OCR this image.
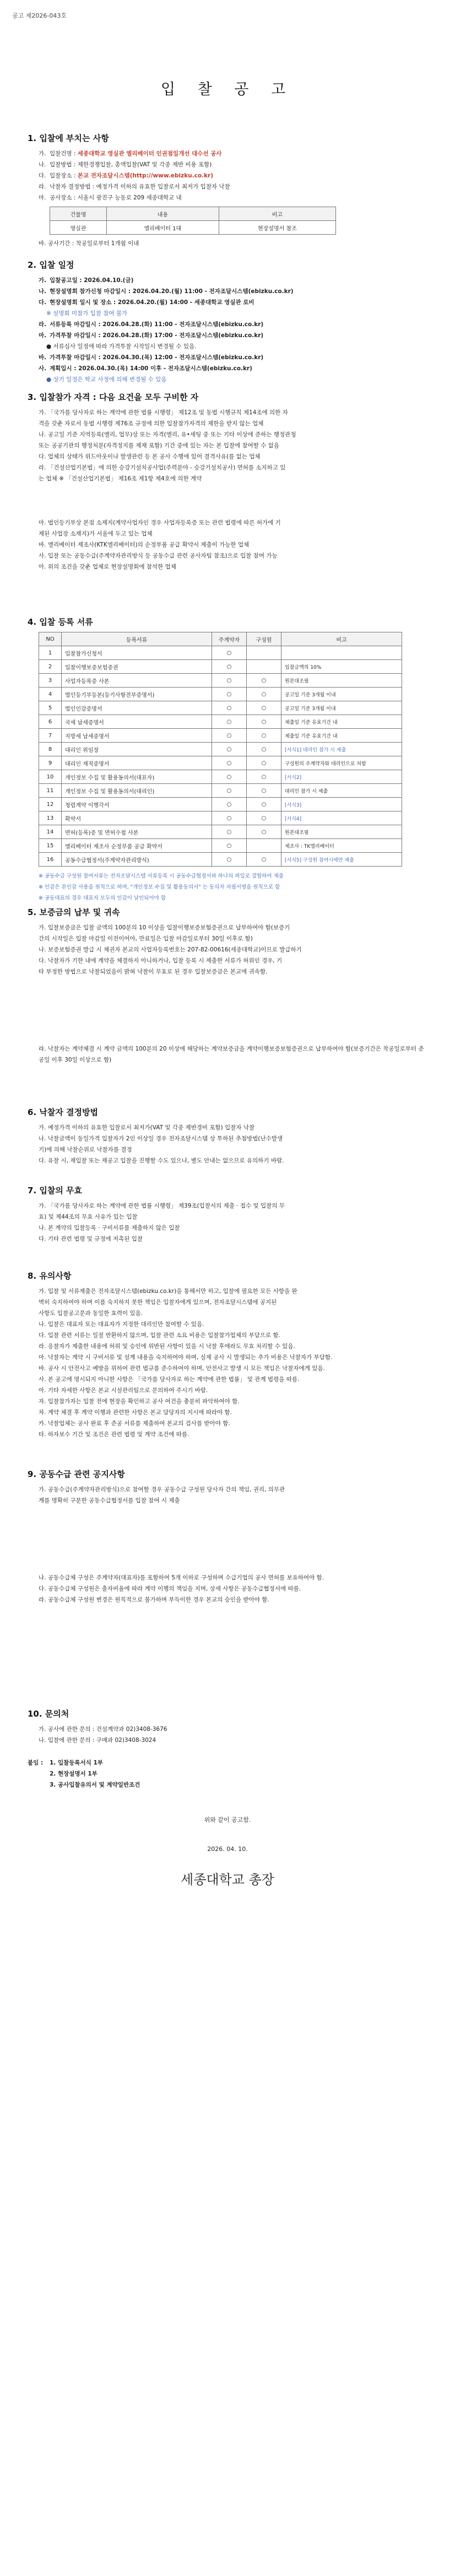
공고 제2026-043호
입 찰 공 고
1. 입찰에 부치는 사항
가. 입찰건명 : 세종대학교 영실관 엘리베이터 인권점일개선 대수선 공사
나. 입찰방법 : 제한경쟁입찰, 총액입찰(VAT 및 각종 제반 비용 포함)
다. 입찰장소 : 본교 전자조달시스템(http://www.ebizku.co.kr)
라. 낙찰자 결정방법 : 예정가격 이하의 유효한 입찰로서 최저가 입찰자 낙찰
마. 공사장소 : 서울시 광진구 능동로 209 세종대학교 내
건물명	내용	비고
영실관	엘리베이터 1대	현장설명서 참조
바. 공사기간 : 착공일로부터 1개월 이내
2. 입찰 일정
가. 입찰공고일 : 2026.04.10.(금)
나. 현장설명회 참가신청 마감일시 : 2026.04.20.(월) 11:00 - 전자조달시스템(ebizku.co.kr)
다. 현장설명회 일시 및 장소 : 2026.04.20.(월) 14:00 - 세종대학교 영실관 로비
※ 설명회 미참가 입찰 참여 불가
라. 서류등록 마감일시 : 2026.04.28.(화) 11:00 - 전자조달시스템(ebizku.co.kr)
마. 가격투찰 마감일시 : 2026.04.28.(화) 17:00 - 전자조달시스템(ebizku.co.kr)
● 서류심사 일정에 따라 가격투찰 시작일시 변경될 수 있음.
바. 가격투찰 마감일시 : 2026.04.30.(목) 12:00 - 전자조달시스템(ebizku.co.kr)
사. 계획입시 : 2026.04.30.(목) 14:00 이후 - 전자조달시스템(ebizku.co.kr)
● 상기 일정은 학교 사정에 의해 변경될 수 있음
3. 입찰참가 자격 : 다음 요건을 모두 구비한 자
가. 「국가를 당사자로 하는 계약에 관한 법률 시행령」 제12조 및 동법 시행규칙 제14조에 의한 자
격을 갖춘 자로서 동법 시행령 제76조 규정에 의한 입찰참가자격의 제한을 받지 않는 업체
나. 공고일 기준 지역등록(엘리, 업무)상 또는 자격(엘리, 유•세팅 중 또는 기타 이상에 준하는 행정관청
또는 공공기관의 행정처분(자격정지를 제재 포함) 기간 중에 있는 자는 본 입찰에 참여할 수 없음
다. 업체의 상태가 위드아웃이나 발생관련 등 본 공사 수행에 있어 결격사유(를 없는 업체
라. 「건설산업기본법」에 의한 승강기설치공사업(주력분야 - 승강기설치공사) 면허를 소지하고 있
는 업체 ※ 「건설산업기본법」 제16조 제1항 제4호에 의한 계약
마. 법인등기부상 본점 소재지(계약사업자인 경우 사업자등록증 또는 관련 법령에 따른 허가에 기
재된 사업장 소재지)가 서울에 두고 있는 업체
바. 엘리베이터 제조사(KTK엘리베이터)의 순정부품 공급 확약서 제출이 가능한 업체
사. 입찰 또는 공동수급(주계약자관리방식 등 공동수급 관련 공사자팀 참조)으로 입찰 참여 가능
아. 위의 조건을 갖춘 업체로 현장설명회에 참석한 업체
4. 입찰 등록 서류
NO	등록서류	주계약자	구성원	비고
1	입찰참가신청서	○		
2	입찰이행보증보험증권	○		입찰금액의 10%
3	사업자등록증 사본	○	○	원본대조필
4	법인등기부등본(등기사항전부증명서)	○	○	공고일 기준 3개월 이내
5	법인인감증명서	○	○	공고일 기준 3개월 이내
6	국세 납세증명서	○	○	제출일 기준 유효기간 내
7	지방세 납세증명서	○	○	제출일 기준 유효기간 내
8	대리인 위임장	○	○	[서식1] 대리인 참가 시 제출
9	대리인 재직증명서	○	○	구성원의 주계약자와 대리인으로 처함
10	개인정보 수집 및 활용동의서(대표자)	○	○	[서식2]
11	개인정보 수집 및 활용동의서(대리인)	○	○	대리인 참가 시 제출
12	청렴계약 이행각서	○	○	[서식3]
13	확약서	○	○	[서식4]
14	면허(등록)증 및 면허수첩 사본	○	○	원본대조필
15	엘리베이터 제조사 순정부품 공급 확약서	○		제조사 : TK엘리베이터
16	공동수급협정서(주계약자관리방식)	○	○	[서식5] 구성원 참여시에만 제출
※ 공동수급 구성원 참여서류는 전자조달시스템 서류등록 시 공동수급협정서와 하나의 파일로 결합하여 제출
※ 인감은 본인감 사용을 원칙으로 하며, "개인정보 수집 및 활용동의서" 는 동의자 자필서명을 원칙으로 함
※ 공동대표의 경우 대표자 모두의 인감이 날인되어야 함
5. 보증금의 납부 및 귀속
가. 입찰보증금은 입찰 금액의 100분의 10 이상을 입찰이행보증보험증권으로 납부하여야 함(보증기
간의 시작일은 입찰 마감일 이전이어야, 만료일은 입찰 마감일로부터 30일 이후로 함)
나. 보증보험증권 발급 시 채권자 본교의 사업자등록번호는 207-82-00616(세종대학교)이므로 발급하기
다. 낙찰자가 기한 내에 계약을 체결하지 아니하거나, 입찰 등록 시 제출한 서류가 허위인 경우, 기
타 부정한 방법으로 낙찰되었음이 밝혀 낙찰이 무효로 된 경우 입찰보증금은 본교에 귀속함.
라. 낙찰자는 계약체결 시 계약 금액의 100분의 20 이상에 해당하는 계약보증금을 계약이행보증보험증권으로 납부하여야 함(보증기간은 착공일로부터 준공일 이후 30일 이상으로 함)
6. 낙찰자 결정방법
가. 예정가격 이하의 유효한 입찰로서 최저가(VAT 및 각종 제반경비 포함) 입찰자 낙찰
나. 낙찰금액이 동일가격 입찰자가 2인 이상일 경우 전자조달시스템 상 투하된 추첨방법(난수발생
기)에 의해 낙찰순위로 낙찰자를 결정
다. 유찰 시, 재입찰 또는 재공고 입찰을 진행할 수도 있으나, 별도 안내는 없으므로 유의하기 바람.
7. 입찰의 무효
가. 「국가를 당사자로 하는 계약에 관한 법률 시행령」 제39조(입찰서의 제출 · 접수 및 입찰의 무
효) 및 제44조의 무효 사유가 있는 입찰
나. 본 계약의 입찰등록 · 구비서류를 제출하지 않은 입찰
다. 기타 관련 법령 및 규정에 저촉된 입찰
8. 유의사항
가. 입찰 및 서류제출은 전자조달시스템(ebizku.co.kr)을 통해서만 하고, 입찰에 필요한 모든 사항을 완
벽히 숙지하여야 하며 이를 숙지하지 못한 책임은 입찰자에게 있으며, 전자조달시스템에 공지된
사항도 입찰공고문과 동일한 효력이 있음.
나. 입찰은 대표자 또는 대표자가 지정한 대리인만 참여할 수 있음.
다. 입찰 관련 서류는 일절 반환하지 않으며, 입찰 관련 소요 비용은 입찰참가업체의 부담으로 함.
라. 응찰자가 제출한 내용에 허위 및 승인에 위반된 사항이 있을 시 낙찰 후에라도 무효 처리할 수 있음.
마. 낙찰자는 계약 시 구비서류 및 설계 내용을 숙지하여야 하며, 실제 공사 시 발생되는 추가 비용은 낙찰자가 부담함.
바. 공사 시 안전사고 예방을 위하여 관련 법규를 준수하여야 하며, 안전사고 발생 시 모든 책임은 낙찰자에게 있음.
사. 본 공고에 명시되지 아니한 사항은 「국가를 당사자로 하는 계약에 관한 법률」 및 관계 법령을 따름.
아. 기타 자세한 사항은 본교 시설관리팀으로 문의하여 주시기 바람.
자. 입찰참가자는 입찰 전에 현장을 확인하고 공사 여건을 충분히 파악하여야 함.
차. 계약 체결 후 계약 이행과 관련한 사항은 본교 담당자의 지시에 따라야 함.
카. 낙찰업체는 공사 완료 후 준공 서류를 제출하여 본교의 검사를 받아야 함.
타. 하자보수 기간 및 조건은 관련 법령 및 계약 조건에 따름.
9. 공동수급 관련 공지사항
가. 공동수급(주계약자관리방식)으로 참여할 경우 공동수급 구성원 당사자 간의 책임, 권리, 의무관
계를 명확히 구분한 공동수급협정서를 입찰 참여 시 제출
나. 공동수급체 구성은 주계약자(대표자)를 포함하여 5개 이하로 구성하며 수급기업의 공사 면허를 보유하여야 함.
다. 공동수급체 구성원은 출자비율에 따라 계약 이행의 책임을 지며, 상세 사항은 공동수급협정서에 따름.
라. 공동수급체 구성원 변경은 원칙적으로 불가하며 부득이한 경우 본교의 승인을 받아야 함.
10. 문의처
가. 공사에 관한 문의 : 건설계약과 02)3408-3676
나. 입찰에 관한 문의 : 구매과 02)3408-3024
붙임 : 1. 입찰등록서식 1부
2. 현장설명서 1부
3. 공사입찰유의서 및 계약일반조건
위와 같이 공고함.
2026. 04. 10.
세종대학교 총장
